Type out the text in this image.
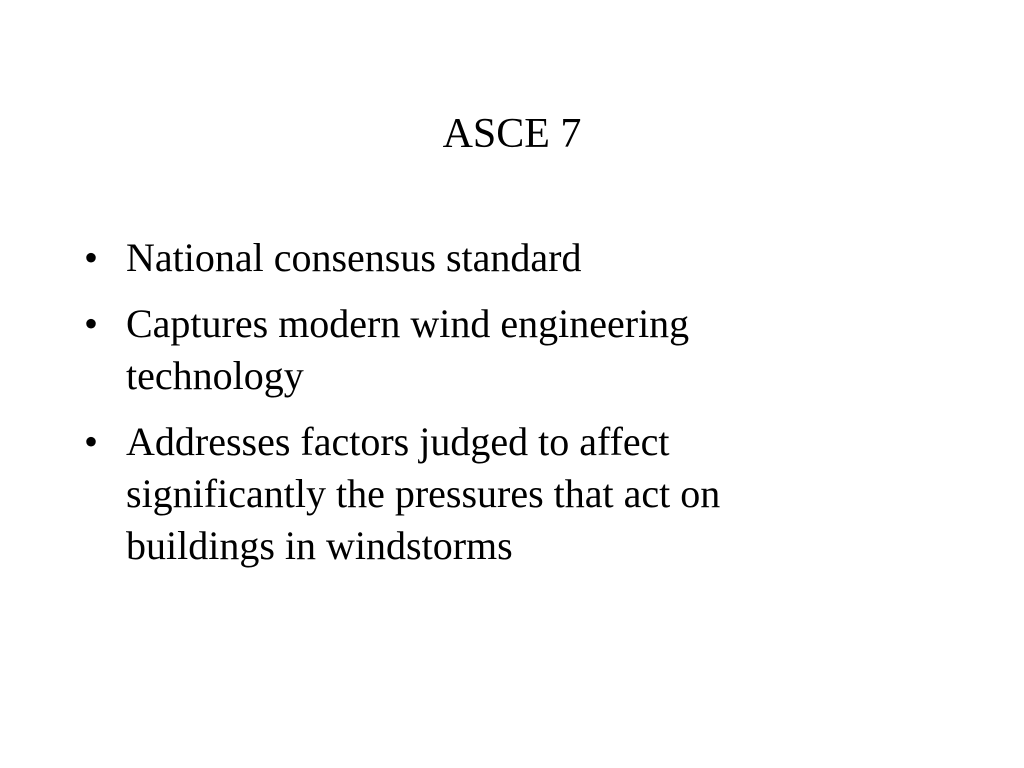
ASCE 7
• National consensus standard
• Captures modern wind engineering
technology
• Addresses factors judged to affect
significantly the pressures that act on
buildings in windstorms
